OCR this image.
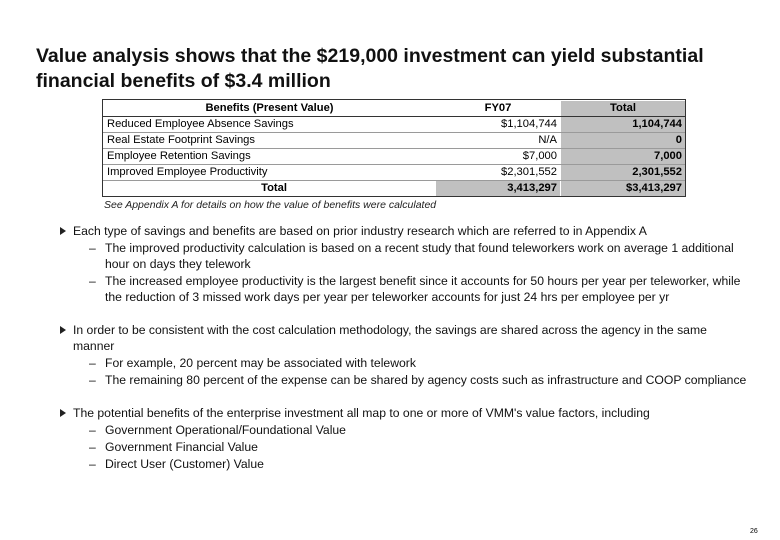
Value analysis shows that the $219,000 investment can yield substantial financial benefits of $3.4 million
Benefits (Present Value)	FY07	Total
Reduced Employee Absence Savings	$1,104,744	1,104,744
Real Estate Footprint Savings	N/A	0
Employee Retention Savings	$7,000	7,000
Improved Employee Productivity	$2,301,552	2,301,552
Total	3,413,297	$3,413,297
See Appendix A for details on how the value of benefits were calculated
Each type of savings and benefits are based on prior industry research which are referred to in Appendix A
– The improved productivity calculation is based on a recent study that found teleworkers work on average 1 additional hour on days they telework
– The increased employee productivity is the largest benefit since it accounts for 50 hours per year per teleworker, while the reduction of 3 missed work days per year per teleworker accounts for just 24 hrs per employee per yr
In order to be consistent with the cost calculation methodology, the savings are shared across the agency in the same manner
– For example, 20 percent may be associated with telework
– The remaining 80 percent of the expense can be shared by agency costs such as infrastructure and COOP compliance
The potential benefits of the enterprise investment all map to one or more of VMM's value factors, including
– Government Operational/Foundational Value
– Government Financial Value
– Direct User (Customer) Value
26
